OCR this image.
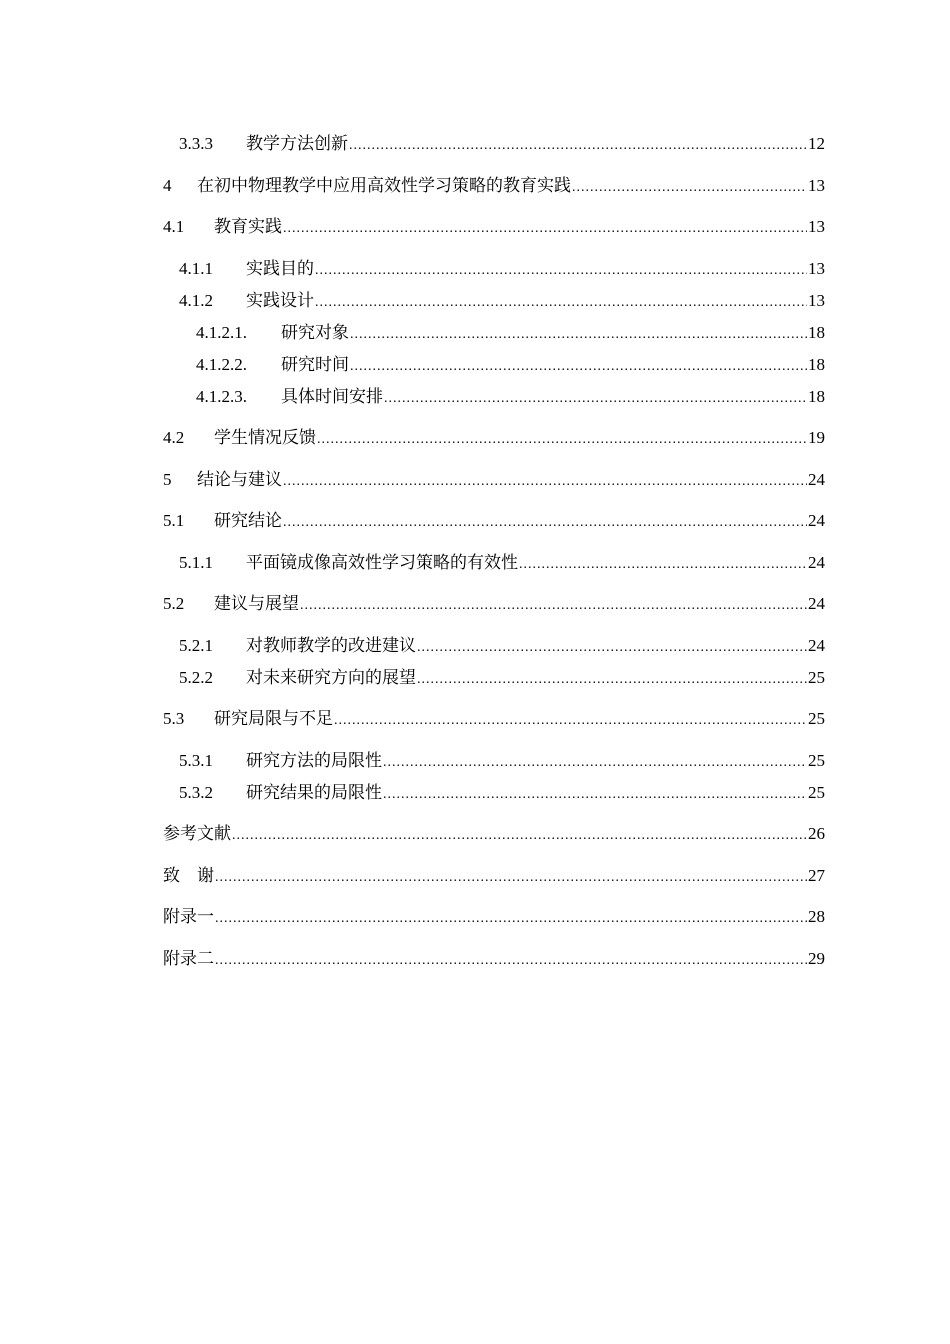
3.3.3	教学方法创新 .....	12
4	在初中物理教学中应用高效性学习策略的教育实践 .....	13
4.1	教育实践 .....	13
4.1.1	实践目的 .....	13
4.1.2	实践设计 .....	13
4.1.2.1.	研究对象 .....	18
4.1.2.2.	研究时间 .....	18
4.1.2.3.	具体时间安排 .....	18
4.2	学生情况反馈 .....	19
5	结论与建议 .....	24
5.1	研究结论 .....	24
5.1.1	平面镜成像高效性学习策略的有效性 .....	24
5.2	建议与展望 .....	24
5.2.1	对教师教学的改进建议 .....	24
5.2.2	对未来研究方向的展望 .....	25
5.3	研究局限与不足 .....	25
5.3.1	研究方法的局限性 .....	25
5.3.2	研究结果的局限性 .....	25
参考文献 .....	26
致　谢 .....	27
附录一 .....	28
附录二 .....	29
